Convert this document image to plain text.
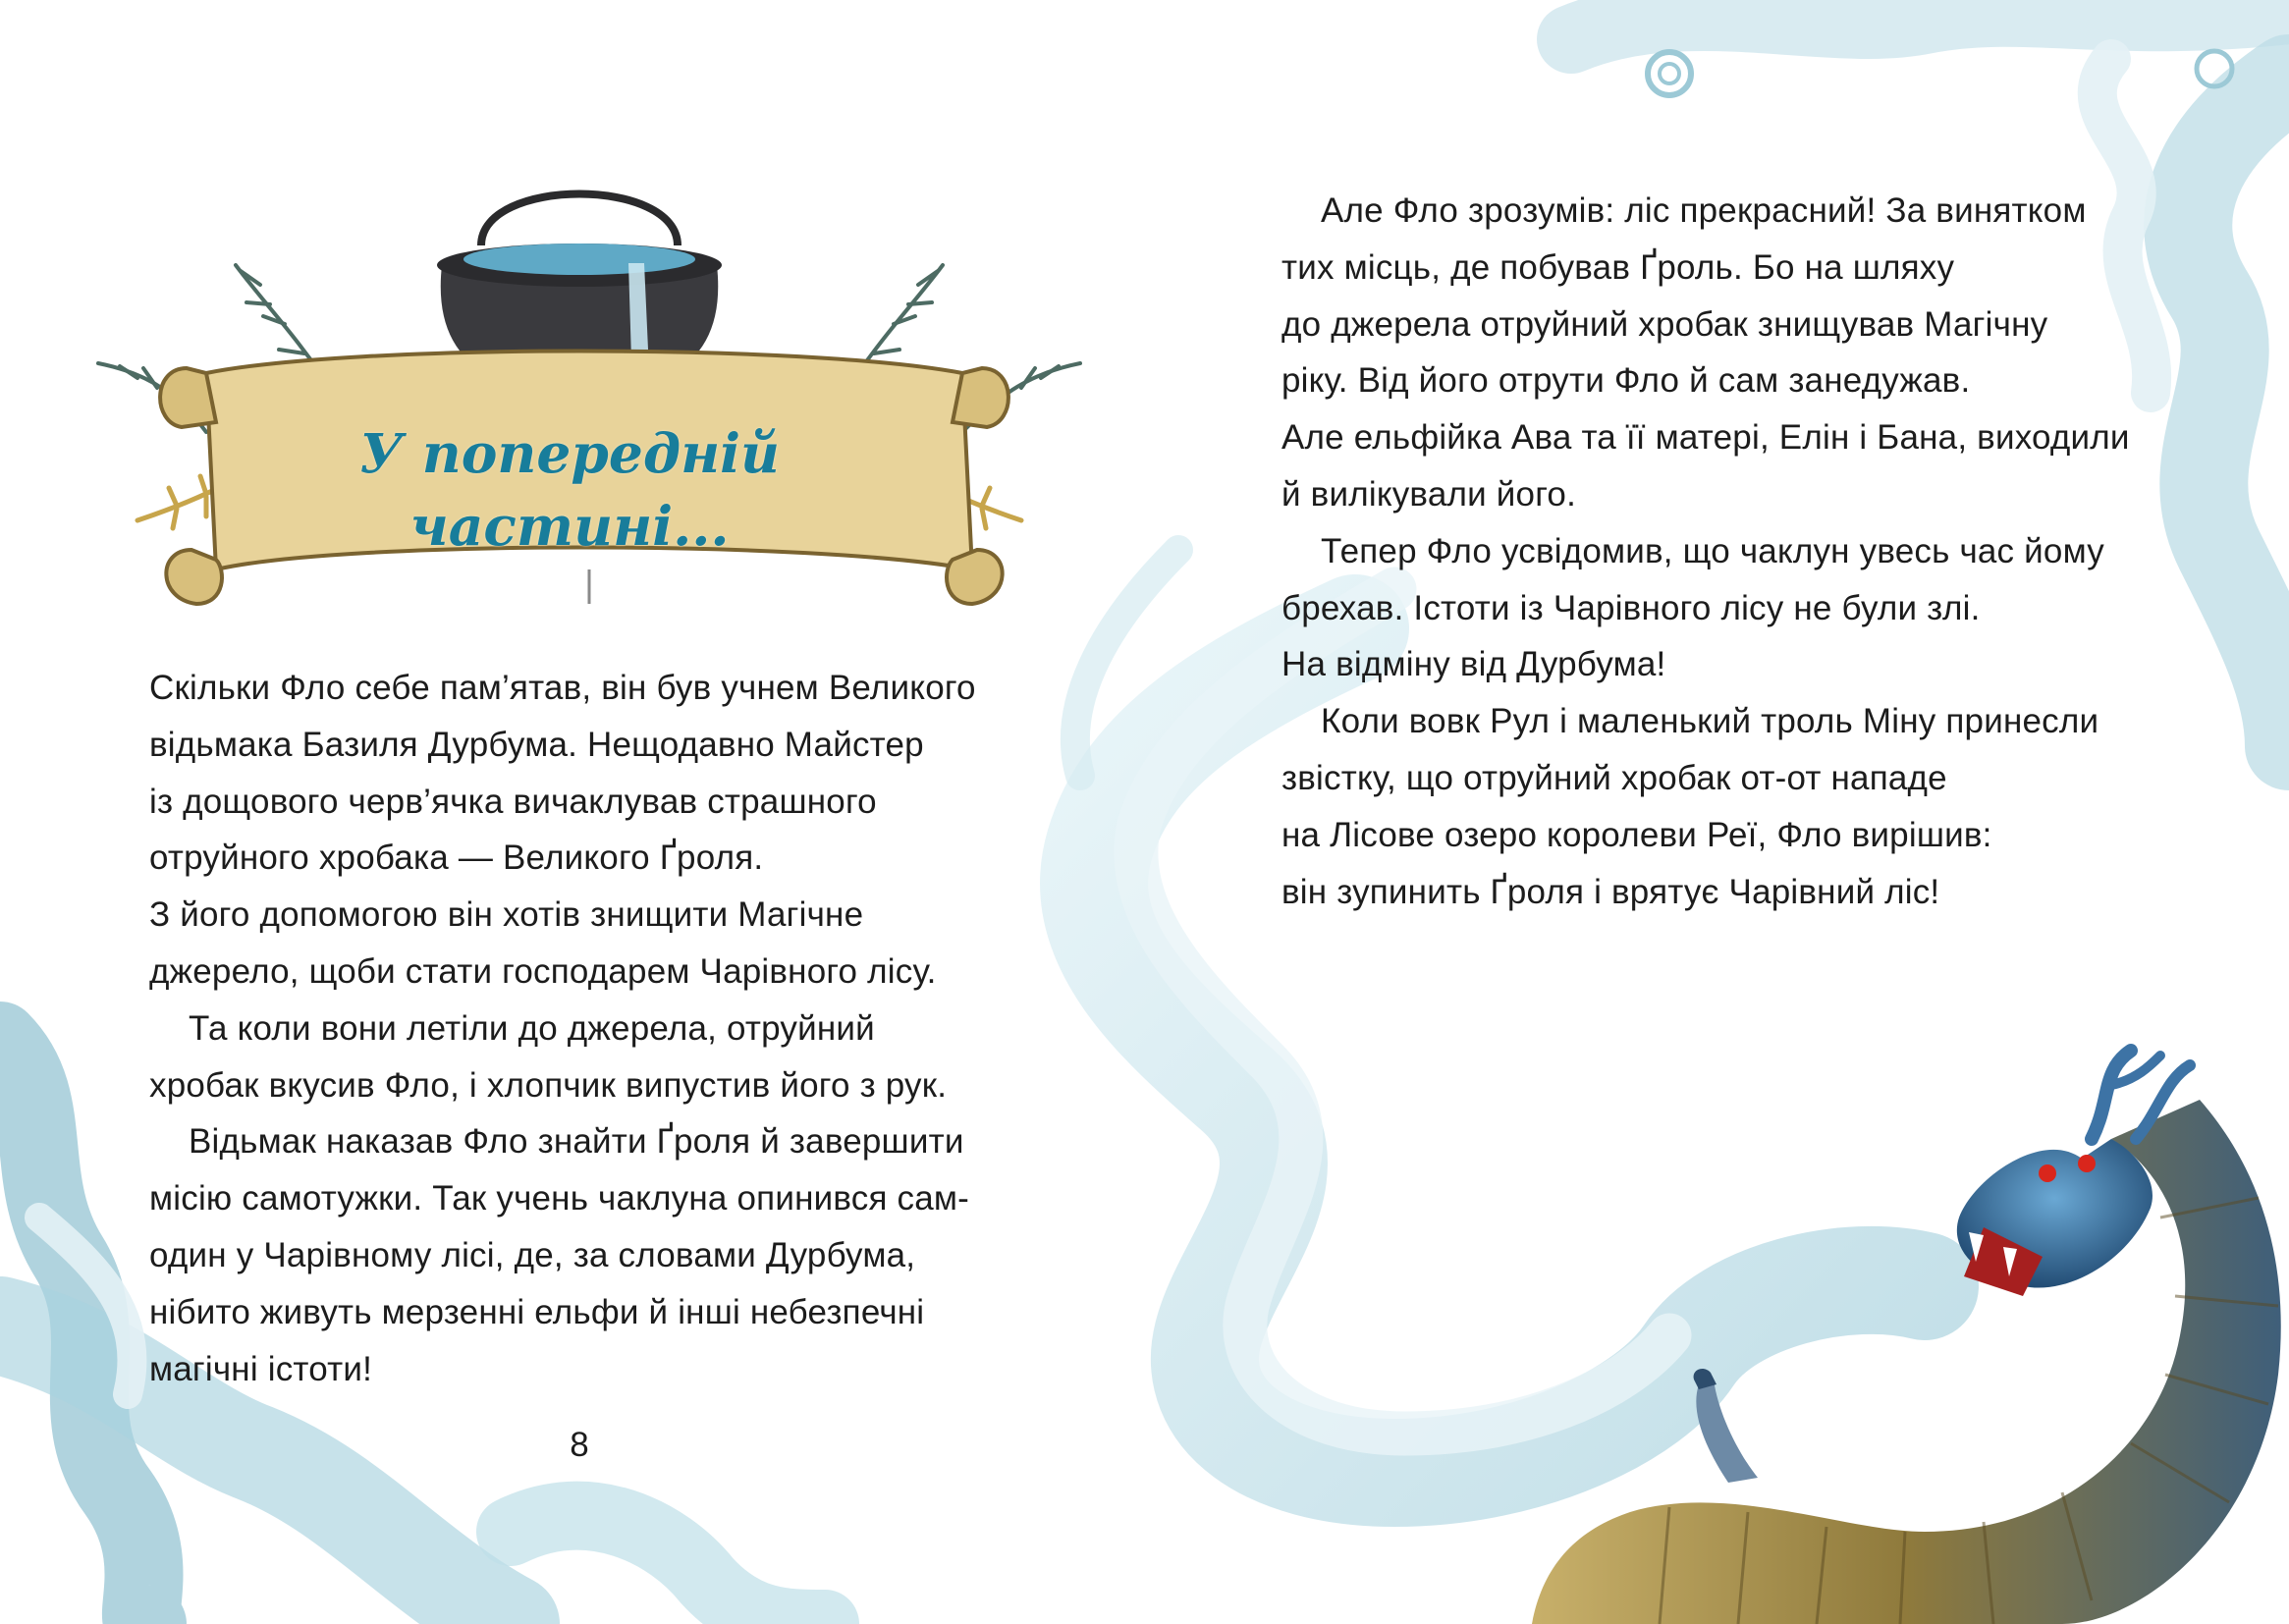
У попередній
частині...

Скільки Фло себе пам’ятав, він був учнем Великого

відьмака Базиля Дурбума. Нещодавно Майстер

із дощового черв’ячка вичаклував страшного

отруйного хробака — Великого Ґроля.

З його допомогою він хотів знищити Магічне

джерело, щоби стати господарем Чарівного лісу.

Та коли вони летіли до джерела, отруйний

хробак вкусив Фло, і хлопчик випустив його з рук.

Відьмак наказав Фло знайти Ґроля й завершити

місію самотужки. Так учень чаклуна опинився сам-

один у Чарівному лісі, де, за словами Дурбума,

нібито живуть мерзенні ельфи й інші небезпечні

магічні істоти!

8

Але Фло зрозумів: ліс прекрасний! За винятком

тих місць, де побував Ґроль. Бо на шляху

до джерела отруйний хробак знищував Магічну

ріку. Від його отрути Фло й сам занедужав.

Але ельфійка Ава та її матері, Елін і Бана, виходили

й вилікували його.

Тепер Фло усвідомив, що чаклун увесь час йому

брехав. Істоти із Чарівного лісу не були злі.

На відміну від Дурбума!

Коли вовк Рул і маленький троль Міну принесли

звістку, що отруйний хробак от-от нападе

на Лісове озеро королеви Реї, Фло вирішив:

він зупинить Ґроля і врятує Чарівний ліс!
